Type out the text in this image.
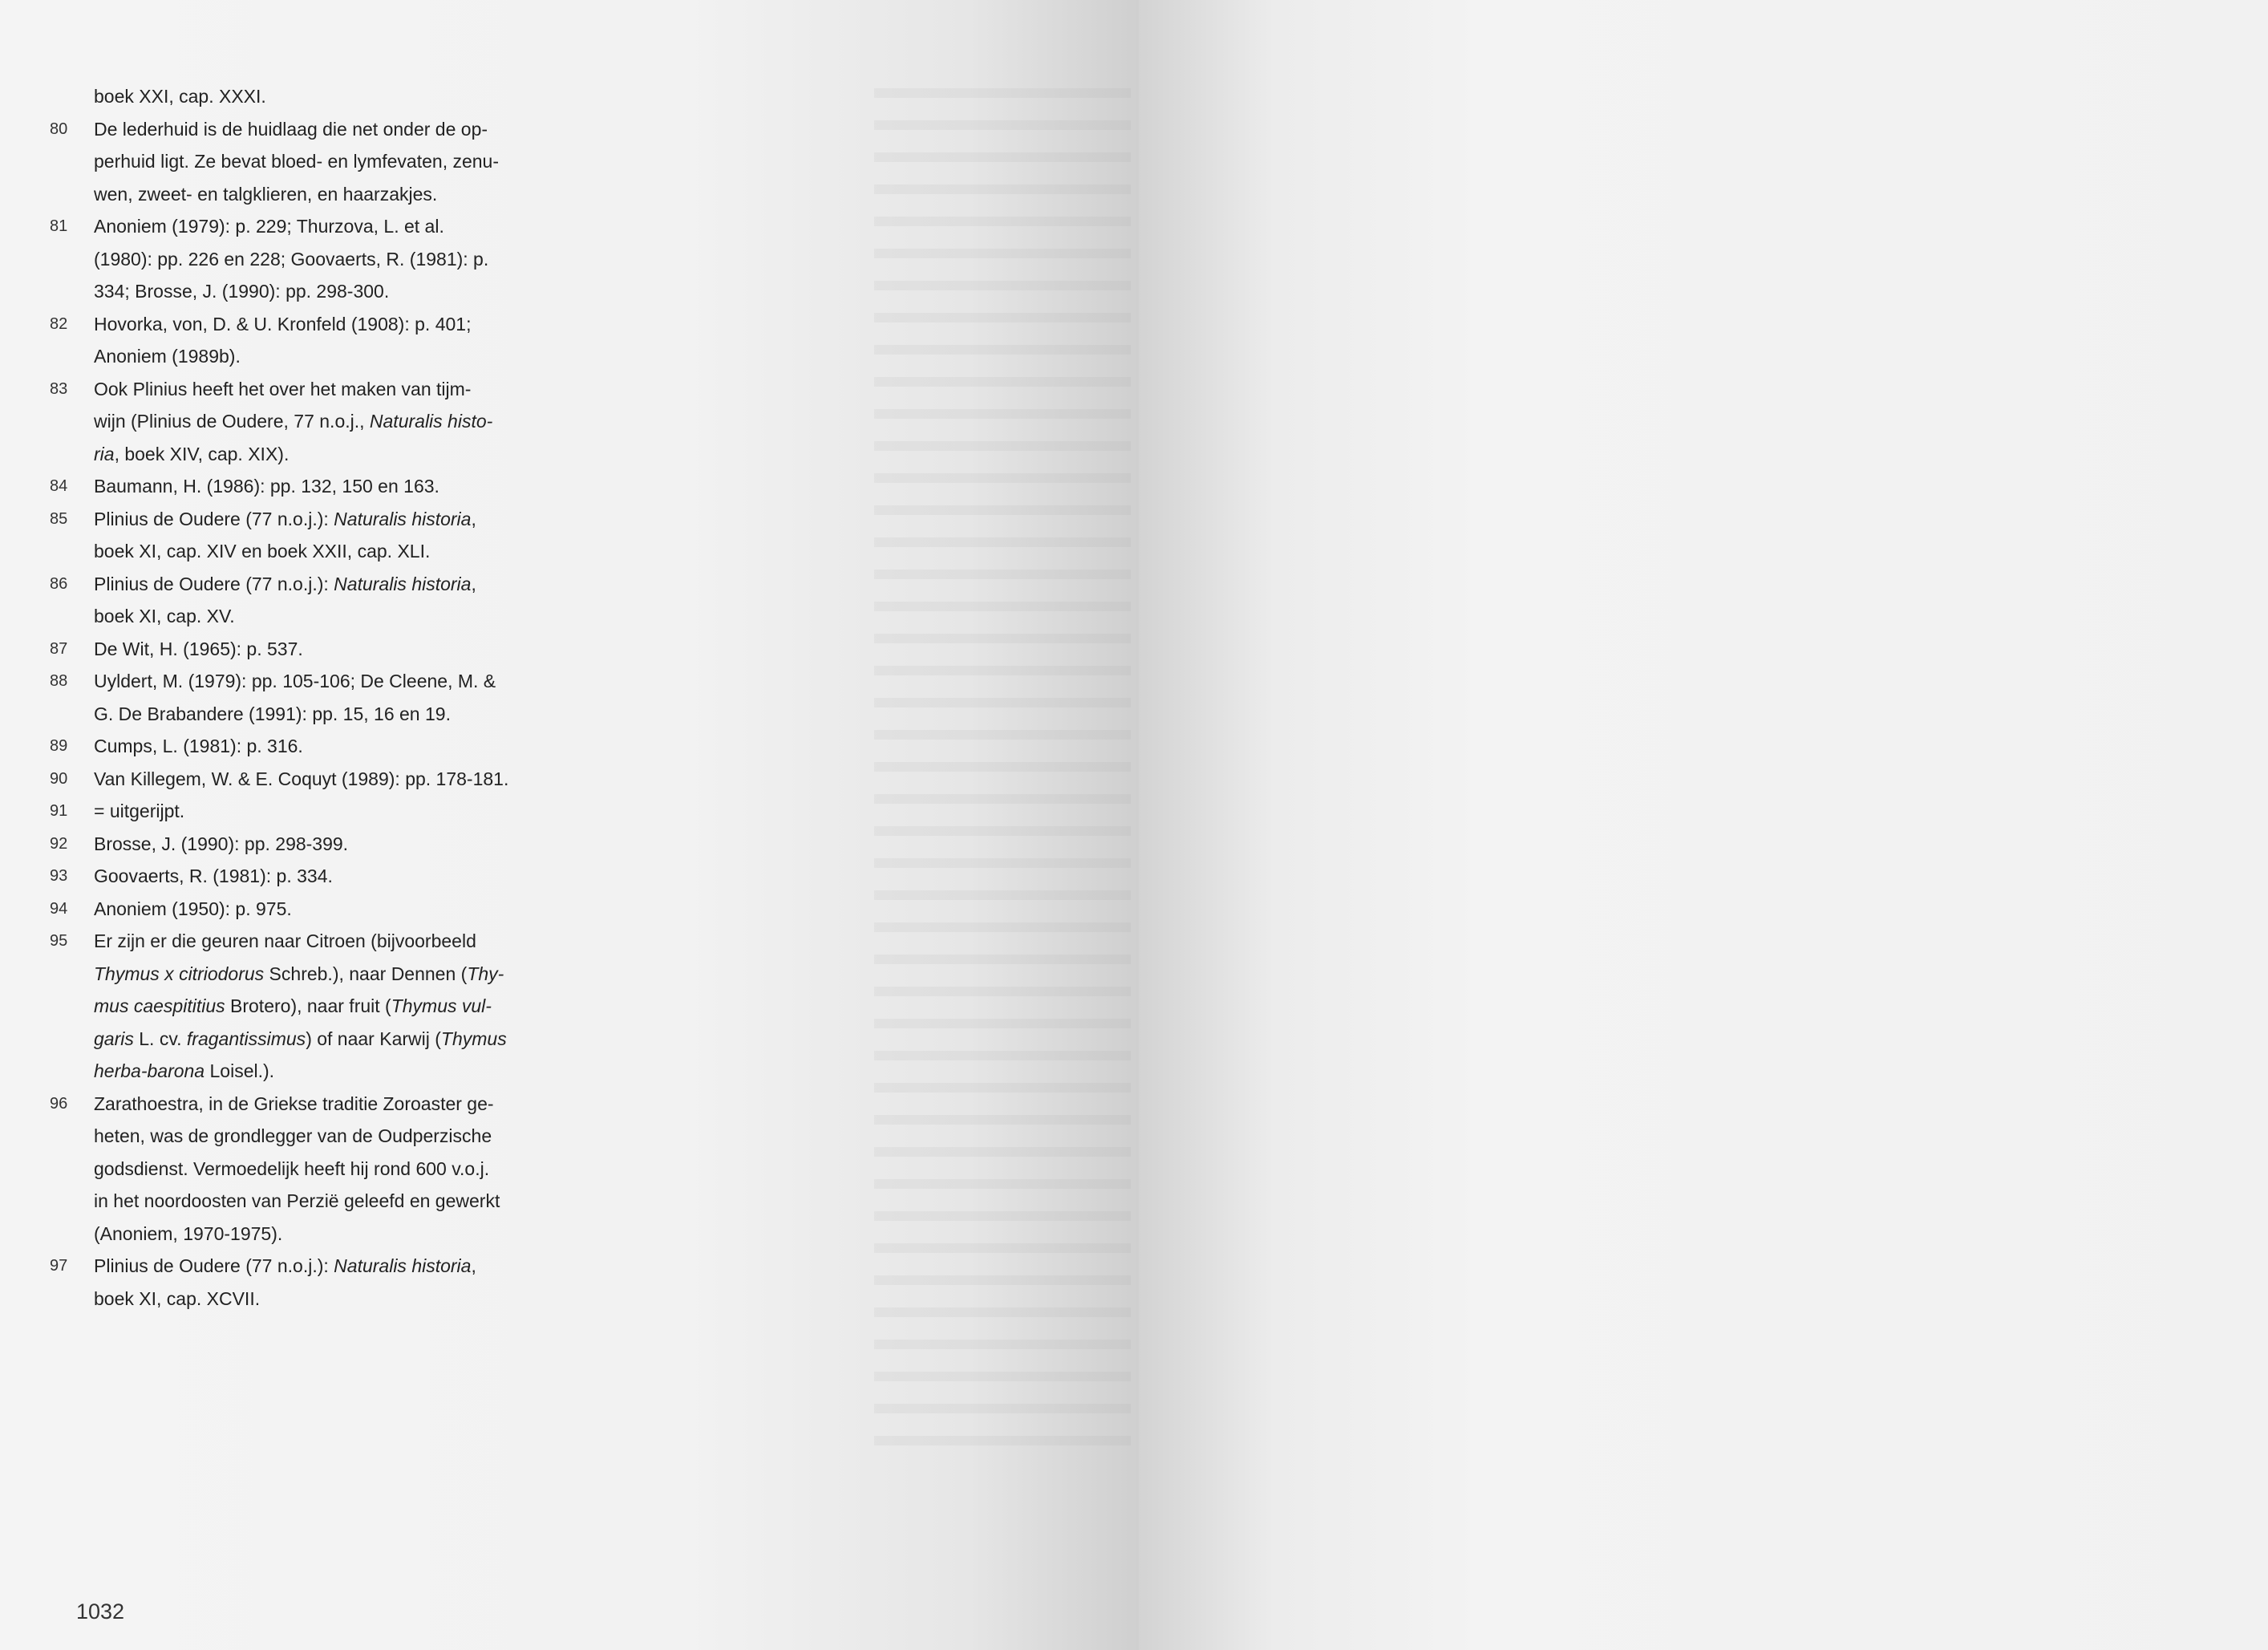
boek XXI, cap. XXXI.
80	De lederhuid is de huidlaag die net onder de op-
perhuid ligt. Ze bevat bloed- en lymfevaten, zenu-
wen, zweet- en talgklieren, en haarzakjes.
81	Anoniem (1979): p. 229; Thurzova, L. et al.
(1980): pp. 226 en 228; Goovaerts, R. (1981): p.
334; Brosse, J. (1990): pp. 298-300.
82	Hovorka, von, D. & U. Kronfeld (1908): p. 401;
Anoniem (1989b).
83	Ook Plinius heeft het over het maken van tijm-
wijn (Plinius de Oudere, 77 n.o.j., Naturalis histo-
ria, boek XIV, cap. XIX).
84	Baumann, H. (1986): pp. 132, 150 en 163.
85	Plinius de Oudere (77 n.o.j.): Naturalis historia,
boek XI, cap. XIV en boek XXII, cap. XLI.
86	Plinius de Oudere (77 n.o.j.): Naturalis historia,
boek XI, cap. XV.
87	De Wit, H. (1965): p. 537.
88	Uyldert, M. (1979): pp. 105-106; De Cleene, M. &
G. De Brabandere (1991): pp. 15, 16 en 19.
89	Cumps, L. (1981): p. 316.
90	Van Killegem, W. & E. Coquyt (1989): pp. 178-181.
91	= uitgerijpt.
92	Brosse, J. (1990): pp. 298-399.
93	Goovaerts, R. (1981): p. 334.
94	Anoniem (1950): p. 975.
95	Er zijn er die geuren naar Citroen (bijvoorbeeld
Thymus x citriodorus Schreb.), naar Dennen (Thy-
mus caespititius Brotero), naar fruit (Thymus vul-
garis L. cv. fragantissimus) of naar Karwij (Thymus
herba-barona Loisel.).
96	Zarathoestra, in de Griekse traditie Zoroaster ge-
heten, was de grondlegger van de Oudperzische
godsdienst. Vermoedelijk heeft hij rond 600 v.o.j.
in het noordoosten van Perzië geleefd en gewerkt
(Anoniem, 1970-1975).
97	Plinius de Oudere (77 n.o.j.): Naturalis historia,
boek XI, cap. XCVII.
1032
